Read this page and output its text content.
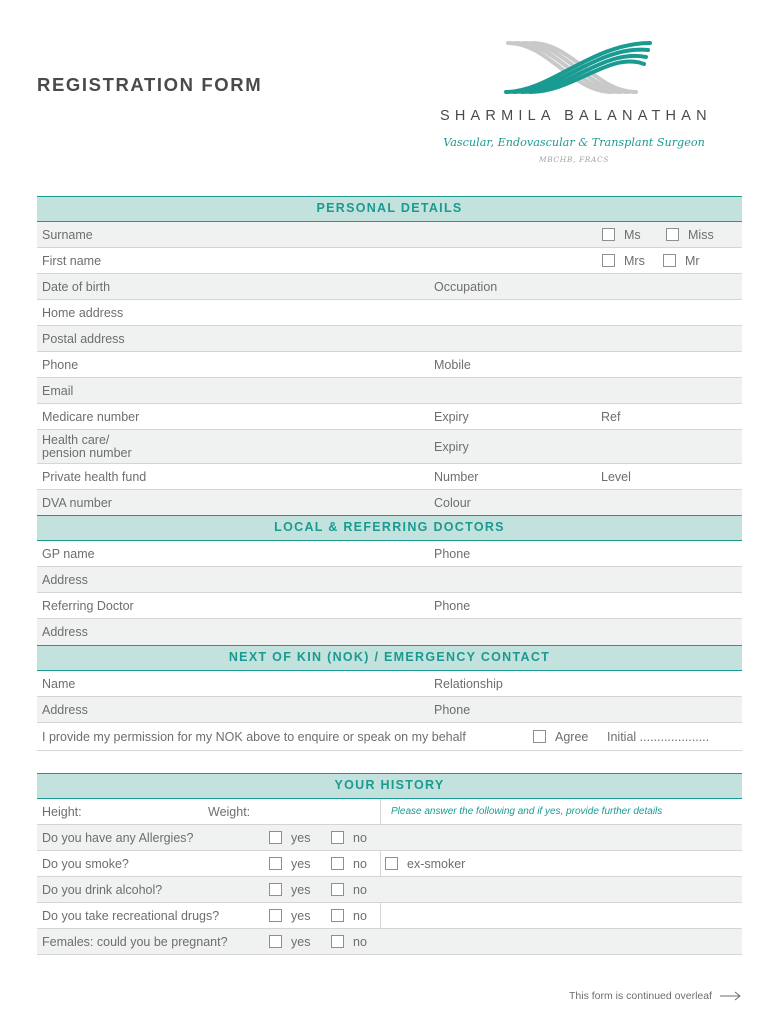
REGISTRATION FORM
SHARMILA BALANATHAN
Vascular, Endovascular & Transplant Surgeon
MBCHB, FRACS
PERSONAL DETAILS
Surname	Ms	Miss
First name	Mrs	Mr
Date of birth	Occupation
Home address
Postal address
Phone	Mobile
Email
Medicare number	Expiry	Ref
Health care/
pension number	Expiry
Private health fund	Number	Level
DVA number	Colour
LOCAL & REFERRING DOCTORS
GP name	Phone
Address
Referring Doctor	Phone
Address
NEXT OF KIN (NOK) / EMERGENCY CONTACT
Name	Relationship
Address	Phone
I provide my permission for my NOK above to enquire or speak on my behalf	Agree Initial ....................
YOUR HISTORY
Height:	Weight:	Please answer the following and if yes, provide further details
Do you have any Allergies?	yes	no
Do you smoke?	yes	no	ex-smoker
Do you drink alcohol?	yes	no
Do you take recreational drugs?	yes	no
Females: could you be pregnant?	yes	no
This form is continued overleaf
